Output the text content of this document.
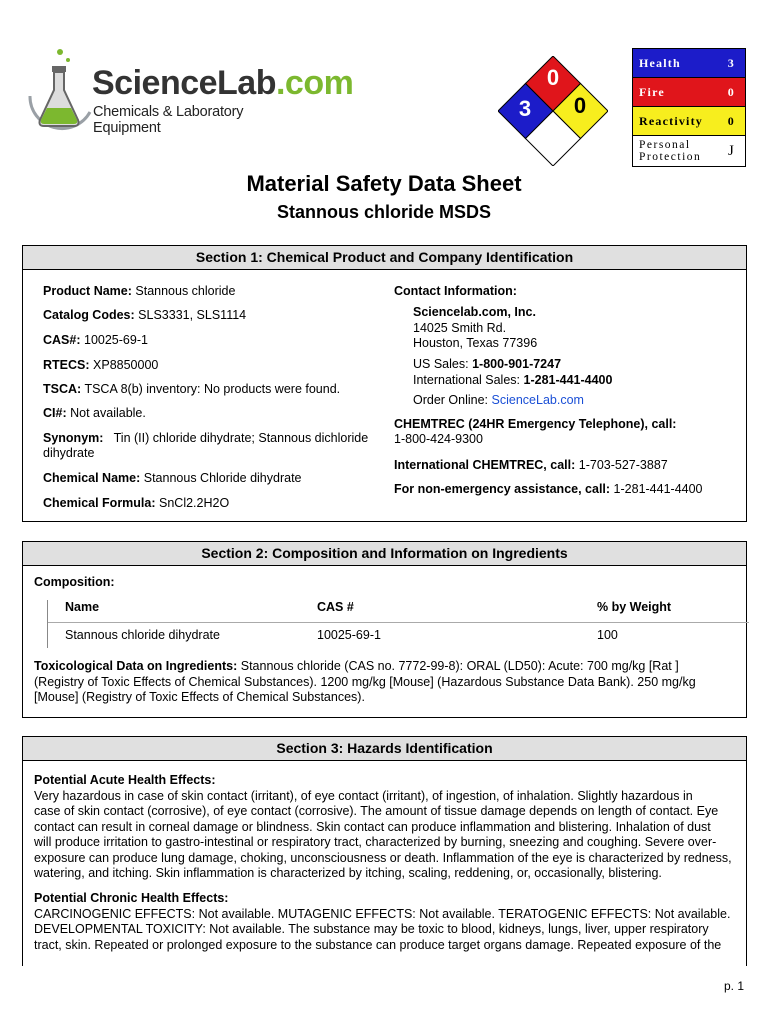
ScienceLab.com
Chemicals & Laboratory Equipment
0
3	0
Health	3
Fire	0
Reactivity 0
Personal
Protection J
Material Safety Data Sheet
Stannous chloride MSDS
Section 1: Chemical Product and Company Identification
Product Name: Stannous chloride
Catalog Codes: SLS3331, SLS1114
CAS#: 10025-69-1
RTECS: XP8850000
TSCA: TSCA 8(b) inventory: No products were found.
CI#: Not available.
Synonym: Tin (II) chloride dihydrate; Stannous dichloride
dihydrate
Chemical Name: Stannous Chloride dihydrate
Chemical Formula: SnCl2.2H2O
Contact Information:
Sciencelab.com, Inc.
14025 Smith Rd.
Houston, Texas 77396
US Sales: 1-800-901-7247
International Sales: 1-281-441-4400
Order Online: ScienceLab.com
CHEMTREC (24HR Emergency Telephone), call:
1-800-424-9300
International CHEMTREC, call: 1-703-527-3887
For non-emergency assistance, call: 1-281-441-4400
Section 2: Composition and Information on Ingredients
Composition:
Name	CAS #	% by Weight
Stannous chloride dihydrate	10025-69-1	100
Toxicological Data on Ingredients: Stannous chloride (CAS no. 7772-99-8): ORAL (LD50): Acute: 700 mg/kg [Rat ]
(Registry of Toxic Effects of Chemical Substances). 1200 mg/kg [Mouse] (Hazardous Substance Data Bank). 250 mg/kg
[Mouse] (Registry of Toxic Effects of Chemical Substances).
Section 3: Hazards Identification
Potential Acute Health Effects:
Very hazardous in case of skin contact (irritant), of eye contact (irritant), of ingestion, of inhalation. Slightly hazardous in
case of skin contact (corrosive), of eye contact (corrosive). The amount of tissue damage depends on length of contact. Eye
contact can result in corneal damage or blindness. Skin contact can produce inflammation and blistering. Inhalation of dust
will produce irritation to gastro-intestinal or respiratory tract, characterized by burning, sneezing and coughing. Severe over-
exposure can produce lung damage, choking, unconsciousness or death. Inflammation of the eye is characterized by redness,
watering, and itching. Skin inflammation is characterized by itching, scaling, reddening, or, occasionally, blistering.
Potential Chronic Health Effects:
CARCINOGENIC EFFECTS: Not available. MUTAGENIC EFFECTS: Not available. TERATOGENIC EFFECTS: Not available.
DEVELOPMENTAL TOXICITY: Not available. The substance may be toxic to blood, kidneys, lungs, liver, upper respiratory
tract, skin. Repeated or prolonged exposure to the substance can produce target organs damage. Repeated exposure of the
p. 1
